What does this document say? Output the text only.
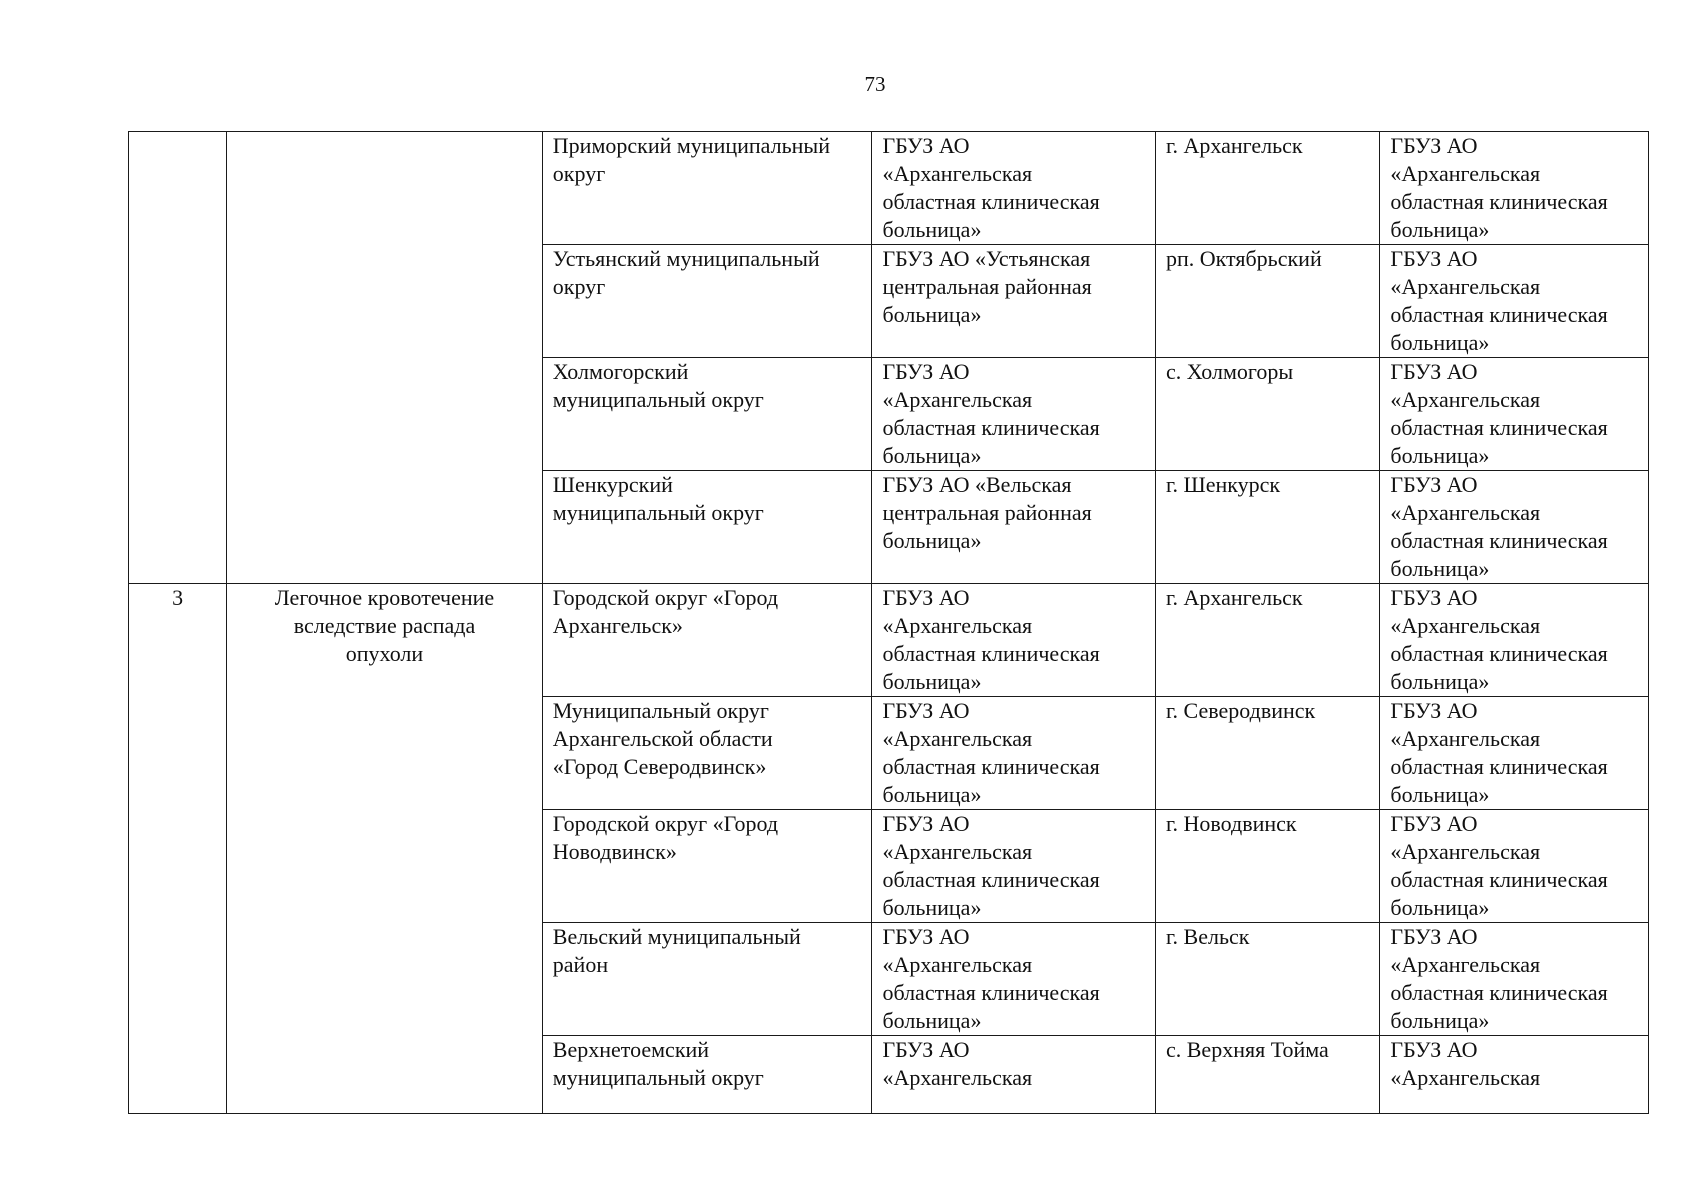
73

		Приморский муниципальный
округ	ГБУЗ АО
«Архангельская
областная клиническая
больница»	г. Архангельск	ГБУЗ АО
«Архангельская
областная клиническая
больница»

		Устьянский муниципальный
округ	ГБУЗ АО «Устьянская
центральная районная
больница»	рп. Октябрьский	ГБУЗ АО
«Архангельская
областная клиническая
больница»

		Холмогорский
муниципальный округ	ГБУЗ АО
«Архангельская
областная клиническая
больница»	с. Холмогоры	ГБУЗ АО
«Архангельская
областная клиническая
больница»

		Шенкурский
муниципальный округ	ГБУЗ АО «Вельская
центральная районная
больница»	г. Шенкурск	ГБУЗ АО
«Архангельская
областная клиническая
больница»

3	Легочное кровотечение
вследствие распада
опухоли	Городской округ «Город
Архангельск»	ГБУЗ АО
«Архангельская
областная клиническая
больница»	г. Архангельск	ГБУЗ АО
«Архангельская
областная клиническая
больница»

		Муниципальный округ
Архангельской области
«Город Северодвинск»	ГБУЗ АО
«Архангельская
областная клиническая
больница»	г. Северодвинск	ГБУЗ АО
«Архангельская
областная клиническая
больница»

		Городской округ «Город
Новодвинск»	ГБУЗ АО
«Архангельская
областная клиническая
больница»	г. Новодвинск	ГБУЗ АО
«Архангельская
областная клиническая
больница»

		Вельский муниципальный
район	ГБУЗ АО
«Архангельская
областная клиническая
больница»	г. Вельск	ГБУЗ АО
«Архангельская
областная клиническая
больница»

		Верхнетоемский
муниципальный округ	ГБУЗ АО
«Архангельская	с. Верхняя Тойма	ГБУЗ АО
«Архангельская
